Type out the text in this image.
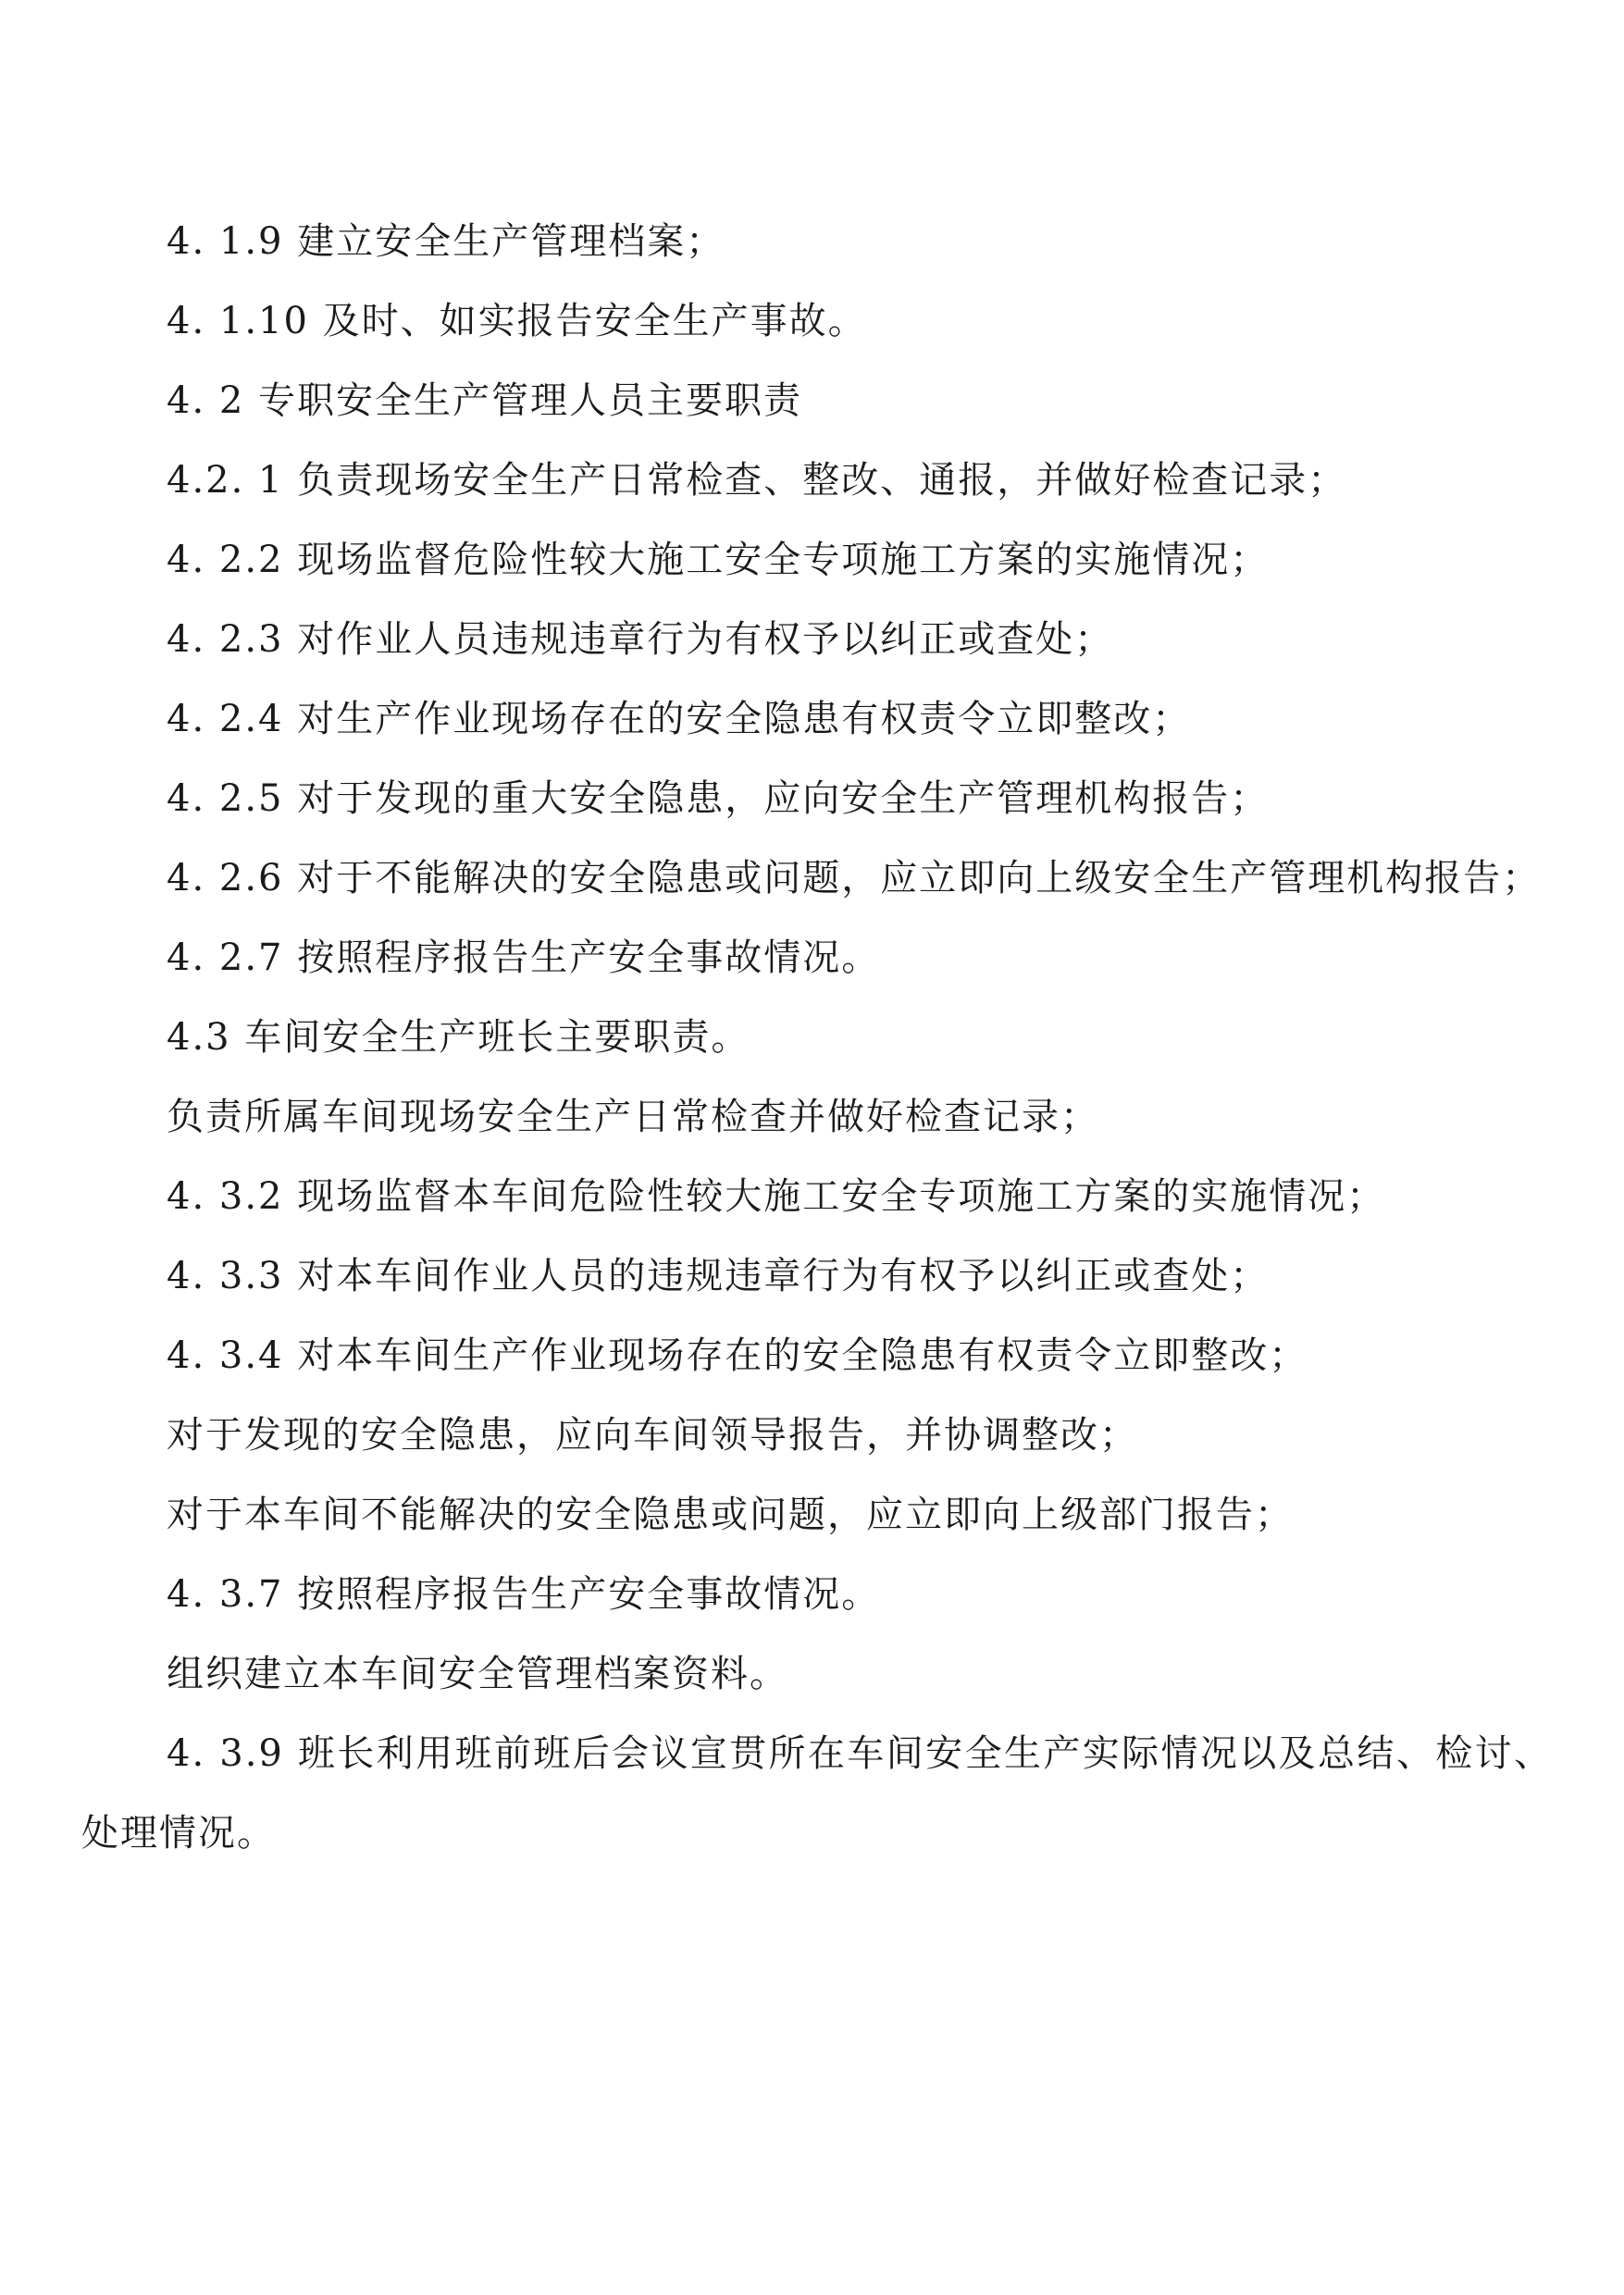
4. 1.9 建立安全生产管理档案；

4. 1.10 及时、如实报告安全生产事故。

4. 2 专职安全生产管理人员主要职责

4.2. 1 负责现场安全生产日常检查、整改、通报，并做好检查记录；

4. 2.2 现场监督危险性较大施工安全专项施工方案的实施情况；

4. 2.3 对作业人员违规违章行为有权予以纠正或查处；

4. 2.4 对生产作业现场存在的安全隐患有权责令立即整改；

4. 2.5 对于发现的重大安全隐患，应向安全生产管理机构报告；

4. 2.6 对于不能解决的安全隐患或问题，应立即向上级安全生产管理机构报告；

4. 2.7 按照程序报告生产安全事故情况。

4.3 车间安全生产班长主要职责。

负责所属车间现场安全生产日常检查并做好检查记录；

4. 3.2 现场监督本车间危险性较大施工安全专项施工方案的实施情况；

4. 3.3 对本车间作业人员的违规违章行为有权予以纠正或查处；

4. 3.4 对本车间生产作业现场存在的安全隐患有权责令立即整改；

对于发现的安全隐患，应向车间领导报告，并协调整改；

对于本车间不能解决的安全隐患或问题，应立即向上级部门报告；

4. 3.7 按照程序报告生产安全事故情况。

组织建立本车间安全管理档案资料。

4. 3.9 班长利用班前班后会议宣贯所在车间安全生产实际情况以及总结、检讨、处理情况。
